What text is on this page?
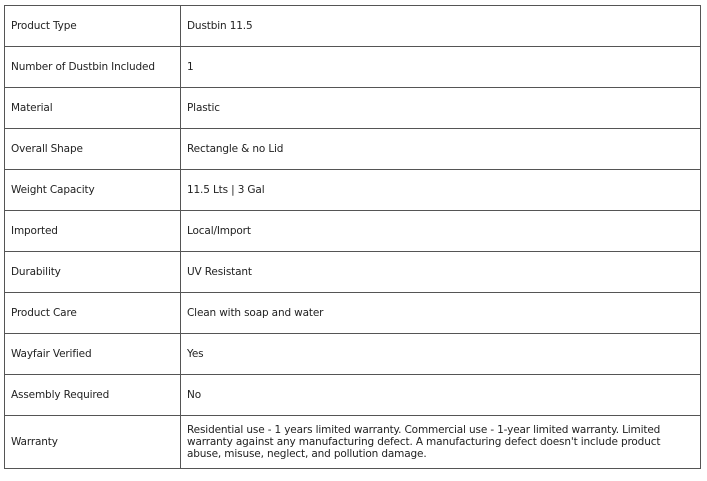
Product Type	Dustbin 11.5
Number of Dustbin Included	1
Material	Plastic
Overall Shape	Rectangle & no Lid
Weight Capacity	11.5 Lts | 3 Gal
Imported	Local/Import
Durability	UV Resistant
Product Care	Clean with soap and water
Wayfair Verified	Yes
Assembly Required	No
Warranty	Residential use - 1 years limited warranty. Commercial use - 1-year limited warranty. Limited warranty against any manufacturing defect. A manufacturing defect doesn't include product abuse, misuse, neglect, and pollution damage.
